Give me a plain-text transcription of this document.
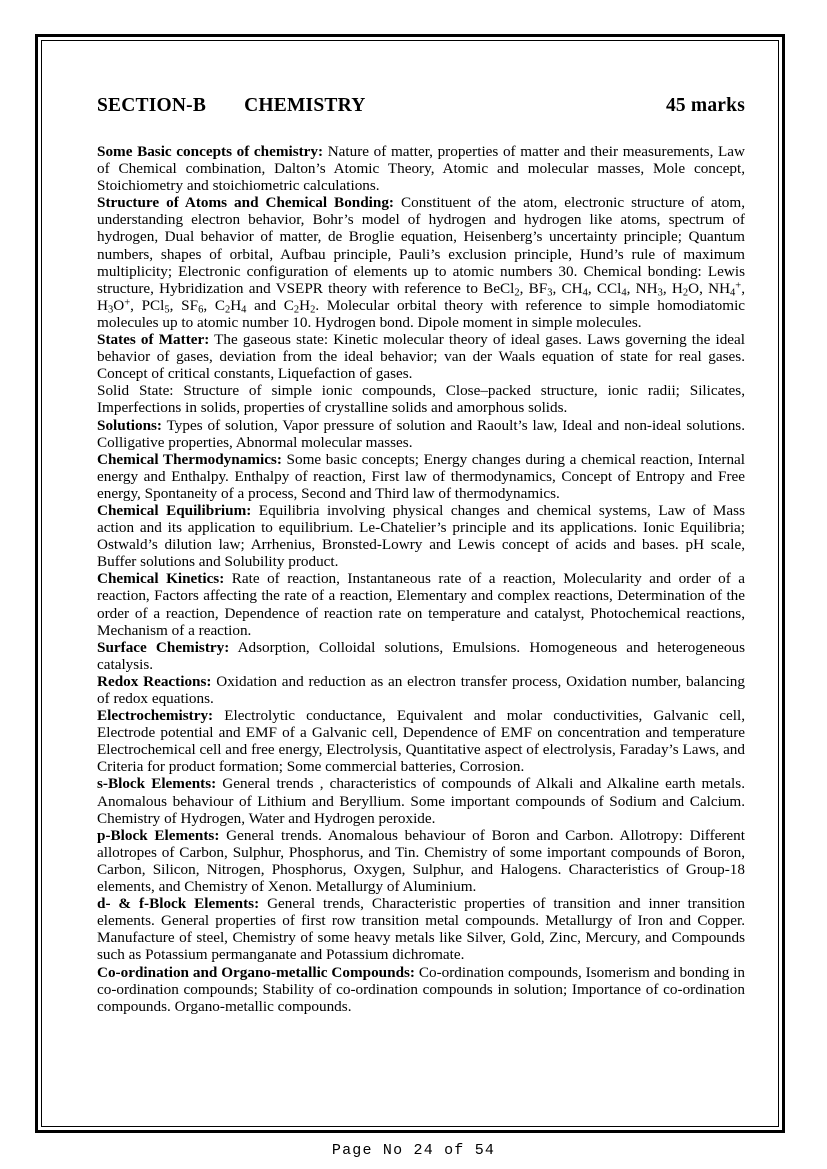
SECTION-B CHEMISTRY	45 marks

Some Basic concepts of chemistry: Nature of matter, properties of matter and their measurements, Law of Chemical combination, Dalton’s Atomic Theory, Atomic and molecular masses, Mole concept, Stoichiometry and stoichiometric calculations.

Structure of Atoms and Chemical Bonding: Constituent of the atom, electronic structure of atom, understanding electron behavior, Bohr’s model of hydrogen and hydrogen like atoms, spectrum of hydrogen, Dual behavior of matter, de Broglie equation, Heisenberg’s uncertainty principle; Quantum numbers, shapes of orbital, Aufbau principle, Pauli’s exclusion principle, Hund’s rule of maximum multiplicity; Electronic configuration of elements up to atomic numbers 30. Chemical bonding: Lewis structure, Hybridization and VSEPR theory with reference to BeCl$_2$, $BF_3$, $CH_4$, CCl$_4$, $NH_3$, $H_2O$, $NH_4^+$, $H_3O^+$, PCl$_5$, $SF_6$, $C_2H_4$ and $C_2H_2$. Molecular orbital theory with reference to simple homodiatomic molecules up to atomic number 10. Hydrogen bond. Dipole moment in simple molecules.

States of Matter: The gaseous state: Kinetic molecular theory of ideal gases. Laws governing the ideal behavior of gases, deviation from the ideal behavior; van der Waals equation of state for real gases. Concept of critical constants, Liquefaction of gases.

Solid State: Structure of simple ionic compounds, Close–packed structure, ionic radii; Silicates, Imperfections in solids, properties of crystalline solids and amorphous solids.

Solutions: Types of solution, Vapor pressure of solution and Raoult’s law, Ideal and non-ideal solutions. Colligative properties, Abnormal molecular masses.

Chemical Thermodynamics: Some basic concepts; Energy changes during a chemical reaction, Internal energy and Enthalpy. Enthalpy of reaction, First law of thermodynamics, Concept of Entropy and Free energy, Spontaneity of a process, Second and Third law of thermodynamics.

Chemical Equilibrium: Equilibria involving physical changes and chemical systems, Law of Mass action and its application to equilibrium. Le-Chatelier’s principle and its applications. Ionic Equilibria; Ostwald’s dilution law; Arrhenius, Bronsted-Lowry and Lewis concept of acids and bases. pH scale, Buffer solutions and Solubility product.

Chemical Kinetics: Rate of reaction, Instantaneous rate of a reaction, Molecularity and order of a reaction, Factors affecting the rate of a reaction, Elementary and complex reactions, Determination of the order of a reaction, Dependence of reaction rate on temperature and catalyst, Photochemical reactions, Mechanism of a reaction.

Surface Chemistry: Adsorption, Colloidal solutions, Emulsions. Homogeneous and heterogeneous catalysis.

Redox Reactions: Oxidation and reduction as an electron transfer process, Oxidation number, balancing of redox equations.

Electrochemistry: Electrolytic conductance, Equivalent and molar conductivities, Galvanic cell, Electrode potential and EMF of a Galvanic cell, Dependence of EMF on concentration and temperature Electrochemical cell and free energy, Electrolysis, Quantitative aspect of electrolysis, Faraday’s Laws, and Criteria for product formation; Some commercial batteries, Corrosion.

s-Block Elements: General trends , characteristics of compounds of Alkali and Alkaline earth metals. Anomalous behaviour of Lithium and Beryllium. Some important compounds of Sodium and Calcium. Chemistry of Hydrogen, Water and Hydrogen peroxide.

p-Block Elements: General trends. Anomalous behaviour of Boron and Carbon. Allotropy: Different allotropes of Carbon, Sulphur, Phosphorus, and Tin. Chemistry of some important compounds of Boron, Carbon, Silicon, Nitrogen, Phosphorus, Oxygen, Sulphur, and Halogens. Characteristics of Group-18 elements, and Chemistry of Xenon. Metallurgy of Aluminium.

d- & f-Block Elements: General trends, Characteristic properties of transition and inner transition elements. General properties of first row transition metal compounds. Metallurgy of Iron and Copper. Manufacture of steel, Chemistry of some heavy metals like Silver, Gold, Zinc, Mercury, and Compounds such as Potassium permanganate and Potassium dichromate.

Co-ordination and Organo-metallic Compounds: Co-ordination compounds, Isomerism and bonding in co-ordination compounds; Stability of co-ordination compounds in solution; Importance of co-ordination compounds. Organo-metallic compounds.

Page No 24 of 54
